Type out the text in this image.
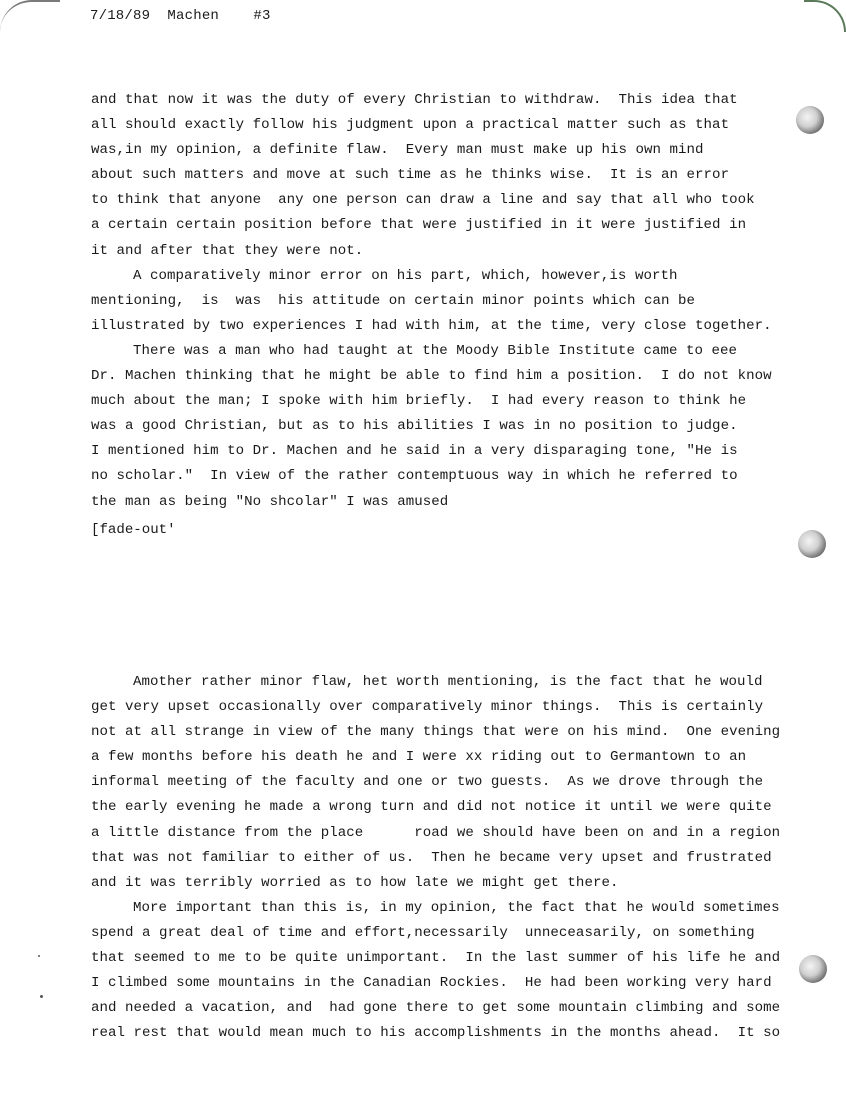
7/18/89  Machen    #3
and that now it was the duty of every Christian to withdraw.  This idea that
all should exactly follow his judgment upon a practical matter such as that
was,in my opinion, a definite flaw.  Every man must make up his own mind
about such matters and move at such time as he thinks wise.  It is an error
to think that anyone  any one person can draw a line and say that all who took
a certain certain position before that were justified in it were justified in
it and after that they were not.
A comparatively minor error on his part, which, however,is worth
mentioning,  is  was  his attitude on certain minor points which can be
illustrated by two experiences I had with him, at the time, very close together.
There was a man who had taught at the Moody Bible Institute came to eee
Dr. Machen thinking that he might be able to find him a position.  I do not know
much about the man; I spoke with him briefly.  I had every reason to think he
was a good Christian, but as to his abilities I was in no position to judge.
I mentioned him to Dr. Machen and he said in a very disparaging tone, "He is
no scholar."  In view of the rather contemptuous way in which he referred to
the man as being "No shcolar" I was amused
[fade-out'
Amother rather minor flaw, het worth mentioning, is the fact that he would
get very upset occasionally over comparatively minor things.  This is certainly
not at all strange in view of the many things that were on his mind.  One evening
a few months before his death he and I were xx riding out to Germantown to an
informal meeting of the faculty and one or two guests.  As we drove through the
the early evening he made a wrong turn and did not notice it until we were quite
a little distance from the place      road we should have been on and in a region
that was not familiar to either of us.  Then he became very upset and frustrated
and it was terribly worried as to how late we might get there.
More important than this is, in my opinion, the fact that he would sometimes
spend a great deal of time and effort,necessarily  unneceasarily, on something
that seemed to me to be quite unimportant.  In the last summer of his life he and
I climbed some mountains in the Canadian Rockies.  He had been working very hard
and needed a vacation, and  had gone there to get some mountain climbing and some
real rest that would mean much to his accomplishments in the months ahead.  It so
